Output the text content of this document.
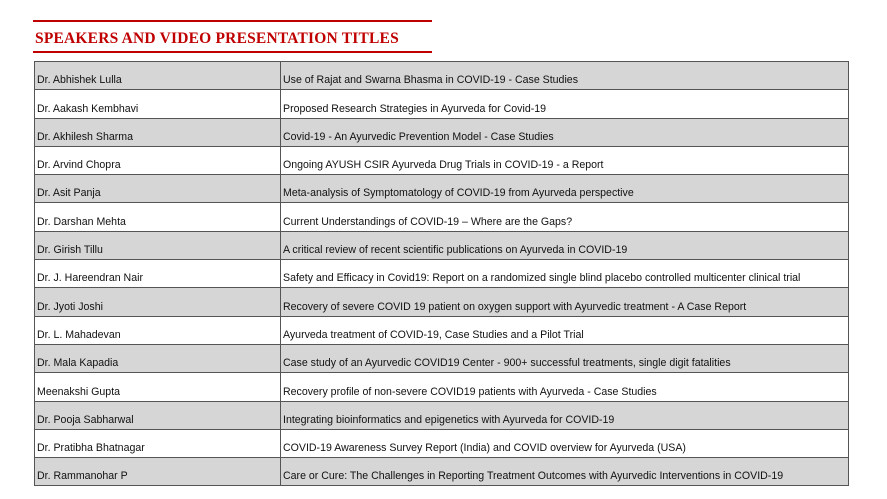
SPEAKERS AND VIDEO PRESENTATION TITLES
Dr. Abhishek Lulla	Use of Rajat and Swarna Bhasma in COVID-19 - Case Studies
Dr. Aakash Kembhavi	Proposed Research Strategies in Ayurveda for Covid-19
Dr. Akhilesh Sharma	Covid-19 - An Ayurvedic Prevention Model - Case Studies
Dr. Arvind Chopra	Ongoing AYUSH CSIR Ayurveda Drug Trials in COVID-19 - a Report
Dr. Asit Panja	Meta-analysis of Symptomatology of COVID-19 from Ayurveda perspective
Dr. Darshan Mehta	Current Understandings of COVID-19 – Where are the Gaps?
Dr. Girish Tillu	A critical review of recent scientific publications on Ayurveda in COVID-19
Dr. J. Hareendran Nair	Safety and Efficacy in Covid19: Report on a randomized single blind placebo controlled multicenter clinical trial
Dr. Jyoti Joshi	Recovery of severe COVID 19 patient on oxygen support with Ayurvedic treatment - A Case Report
Dr. L. Mahadevan	Ayurveda treatment of COVID-19, Case Studies and a Pilot Trial
Dr. Mala Kapadia	Case study of an Ayurvedic COVID19 Center - 900+ successful treatments, single digit fatalities
Meenakshi Gupta	Recovery profile of non-severe COVID19 patients with Ayurveda - Case Studies
Dr. Pooja Sabharwal	Integrating bioinformatics and epigenetics with Ayurveda for COVID-19
Dr. Pratibha Bhatnagar	COVID-19 Awareness Survey Report (India) and COVID overview for Ayurveda (USA)
Dr. Rammanohar P	Care or Cure: The Challenges in Reporting Treatment Outcomes with Ayurvedic Interventions in COVID-19
